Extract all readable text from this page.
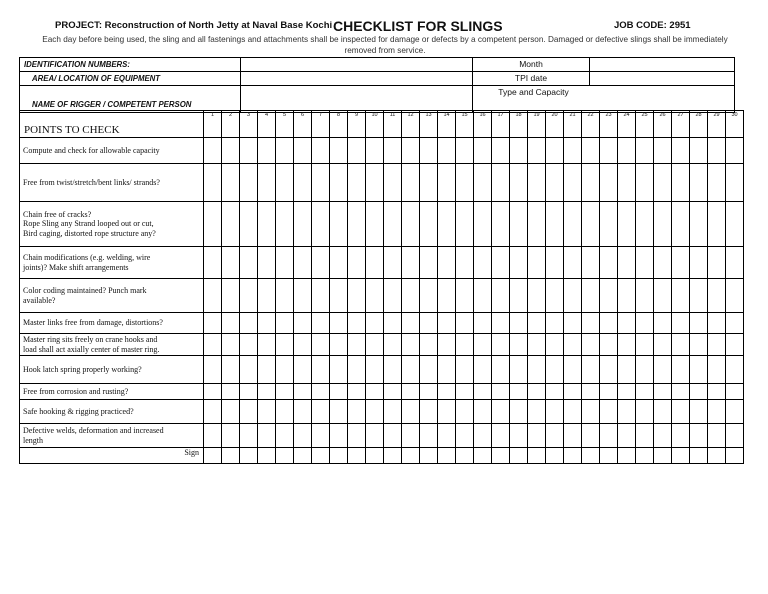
PROJECT: Reconstruction of North Jetty at Naval Base Kochi CHECKLIST FOR SLINGS	JOB CODE: 2951
Each day before being used, the sling and all fastenings and attachments shall be inspected for damage or defects by a competent person. Damaged or defective slings shall be immediately removed from service.
IDENTIFICATION NUMBERS:		Month	
AREA/ LOCATION OF EQUIPMENT		TPI date	
NAME OF RIGGER / COMPETENT PERSON		Type and Capacity	
POINTS TO CHECK	1	2	3	4	5	6	7	8	9	10	11	12	13	14	15	16	17	18	19	20	21	22	23	24	25	26	27	28	29	30

Compute and check for allowable capacity																														

Free from twist/stretch/bent links/ strands?																														

Chain free of cracks?
Rope Sling any Strand looped out or cut,
Bird caging, distorted rope structure any?																														

Chain modifications (e.g. welding, wire
joints)? Make shift arrangements																														

Color coding maintained? Punch mark
available?																														

Master links free from damage, distortions?																														

Master ring sits freely on crane hooks and
load shall act axially center of master ring.																														

Hook latch spring properly working?																														

Free from corrosion and rusting?																														

Safe hooking & rigging practiced?																														

Defective welds, deformation and increased
length																														

Sign																														
